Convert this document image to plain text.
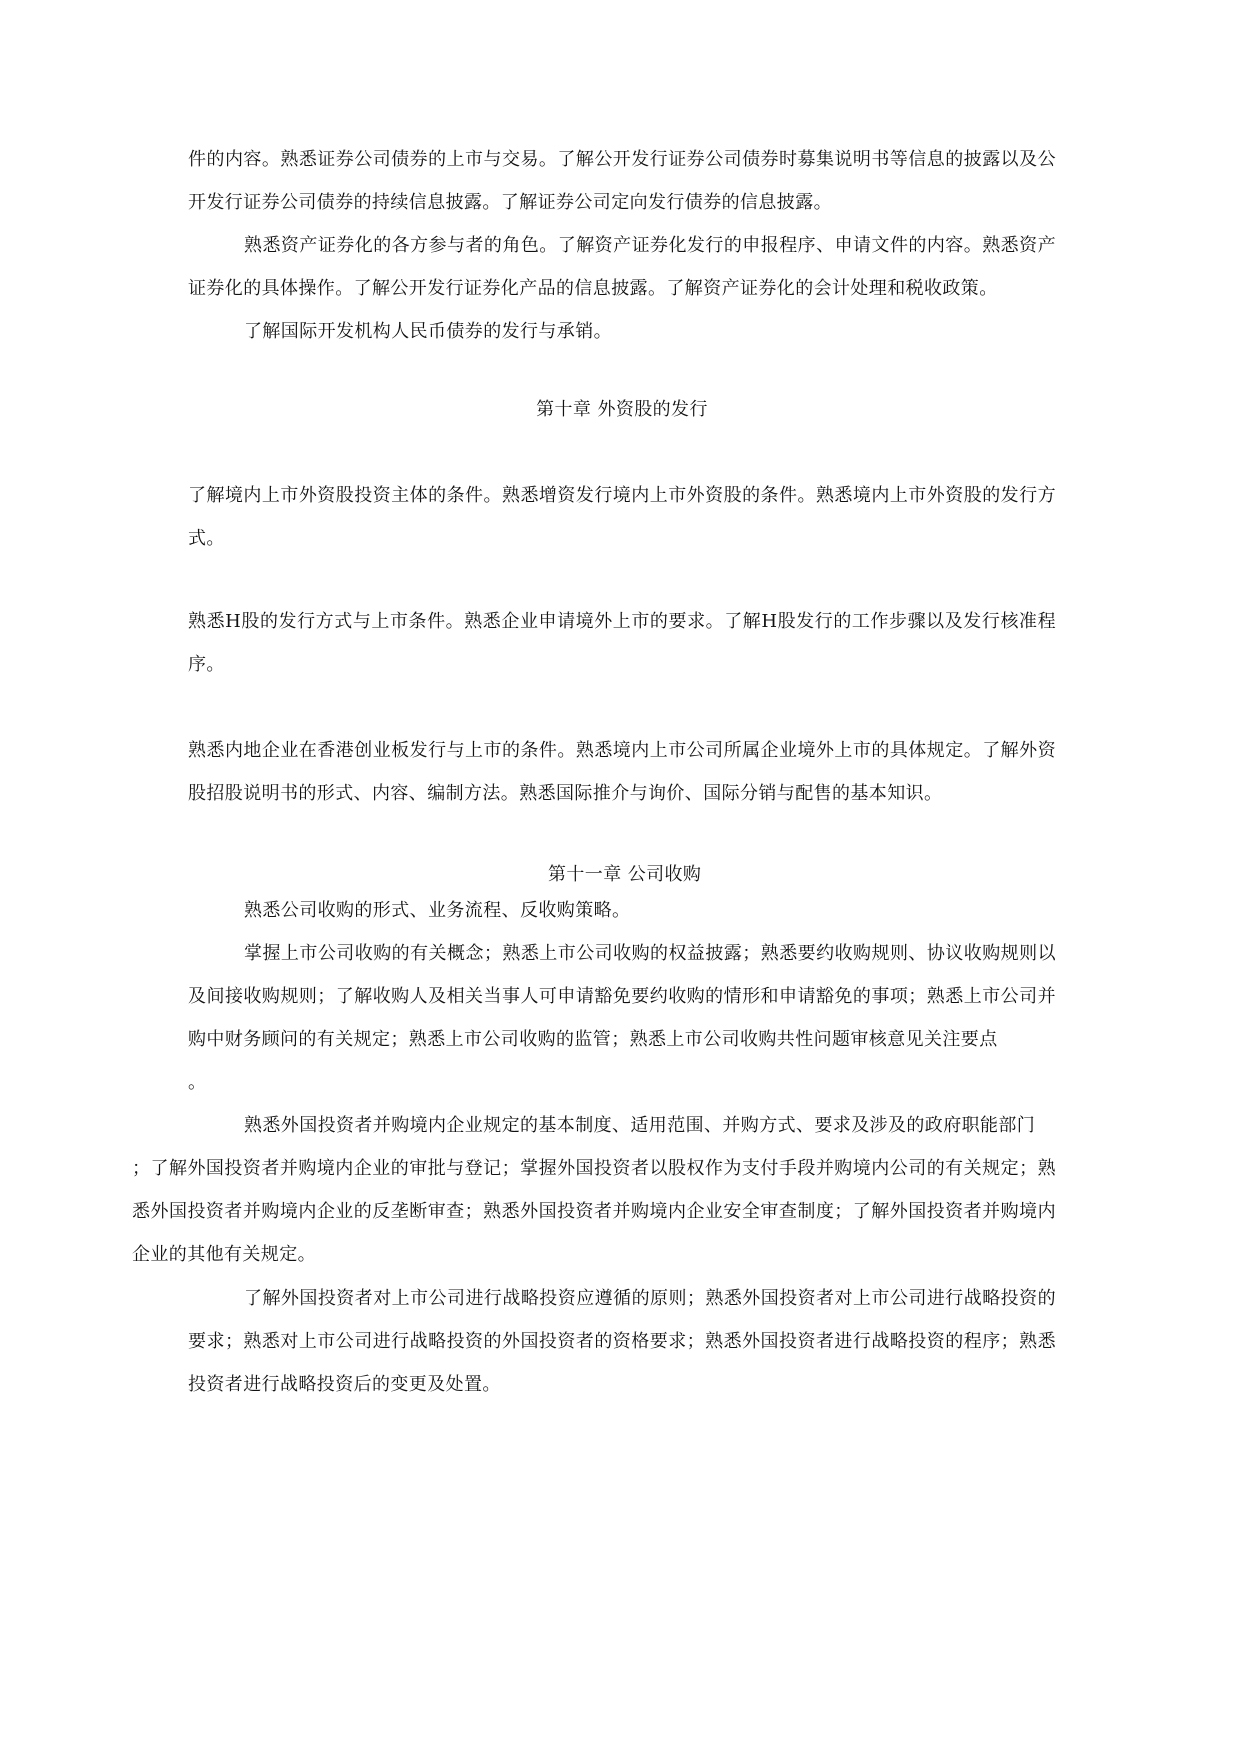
件的内容。熟悉证券公司债券的上市与交易。了解公开发行证券公司债券时募集说明书等信息的披露以及公开发行证券公司债券的持续信息披露。了解证券公司定向发行债券的信息披露。

熟悉资产证券化的各方参与者的角色。了解资产证券化发行的申报程序、申请文件的内容。熟悉资产证券化的具体操作。了解公开发行证券化产品的信息披露。了解资产证券化的会计处理和税收政策。

了解国际开发机构人民币债券的发行与承销。

第十章 外资股的发行

了解境内上市外资股投资主体的条件。熟悉增资发行境内上市外资股的条件。熟悉境内上市外资股的发行方式。

熟悉H股的发行方式与上市条件。熟悉企业申请境外上市的要求。了解H股发行的工作步骤以及发行核准程序。

熟悉内地企业在香港创业板发行与上市的条件。熟悉境内上市公司所属企业境外上市的具体规定。了解外资股招股说明书的形式、内容、编制方法。熟悉国际推介与询价、国际分销与配售的基本知识。

第十一章 公司收购

熟悉公司收购的形式、业务流程、反收购策略。

掌握上市公司收购的有关概念；熟悉上市公司收购的权益披露；熟悉要约收购规则、协议收购规则以及间接收购规则；了解收购人及相关当事人可申请豁免要约收购的情形和申请豁免的事项；熟悉上市公司并购中财务顾问的有关规定；熟悉上市公司收购的监管；熟悉上市公司收购共性问题审核意见关注要点
。

熟悉外国投资者并购境内企业规定的基本制度、适用范围、并购方式、要求及涉及的政府职能部门
；了解外国投资者并购境内企业的审批与登记；掌握外国投资者以股权作为支付手段并购境内公司的有关规定；熟悉外国投资者并购境内企业的反垄断审查；熟悉外国投资者并购境内企业安全审查制度；了解外国投资者并购境内企业的其他有关规定。

了解外国投资者对上市公司进行战略投资应遵循的原则；熟悉外国投资者对上市公司进行战略投资的要求；熟悉对上市公司进行战略投资的外国投资者的资格要求；熟悉外国投资者进行战略投资的程序；熟悉投资者进行战略投资后的变更及处置。
